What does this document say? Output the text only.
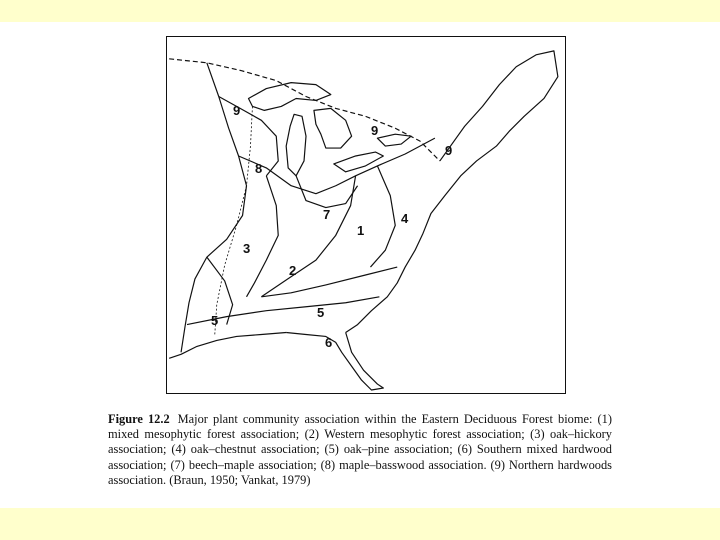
9
9
9
8
7
1
4
3
2
5
5
6
Figure 12.2 Major plant community association within the Eastern Deciduous Forest biome: (1) mixed mesophytic forest association; (2) Western mesophytic forest association; (3) oak–hickory association; (4) oak–chestnut association; (5) oak–pine association; (6) Southern mixed hardwood association; (7) beech–maple association; (8) maple–basswood association. (9) Northern hardwoods association. (Braun, 1950; Vankat, 1979)
